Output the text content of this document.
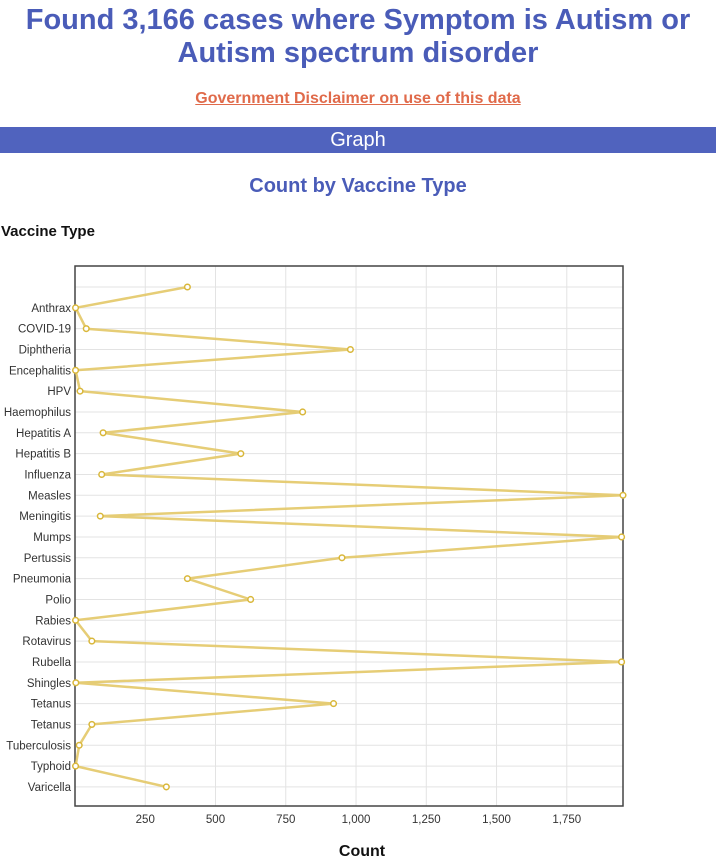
Found 3,166 cases where Symptom is Autism or
Autism spectrum disorder
Government Disclaimer on use of this data
Graph
Count by Vaccine Type
Vaccine Type
Count
250	500	750	1,000	1,250	1,500	1,750
Anthrax
COVID-19
Diphtheria
Encephalitis
HPV
Haemophilus
Hepatitis A
Hepatitis B
Influenza
Measles
Meningitis
Mumps
Pertussis
Pneumonia
Polio
Rabies
Rotavirus
Rubella
Shingles
Tetanus
Tetanus
Tuberculosis
Typhoid
Varicella
